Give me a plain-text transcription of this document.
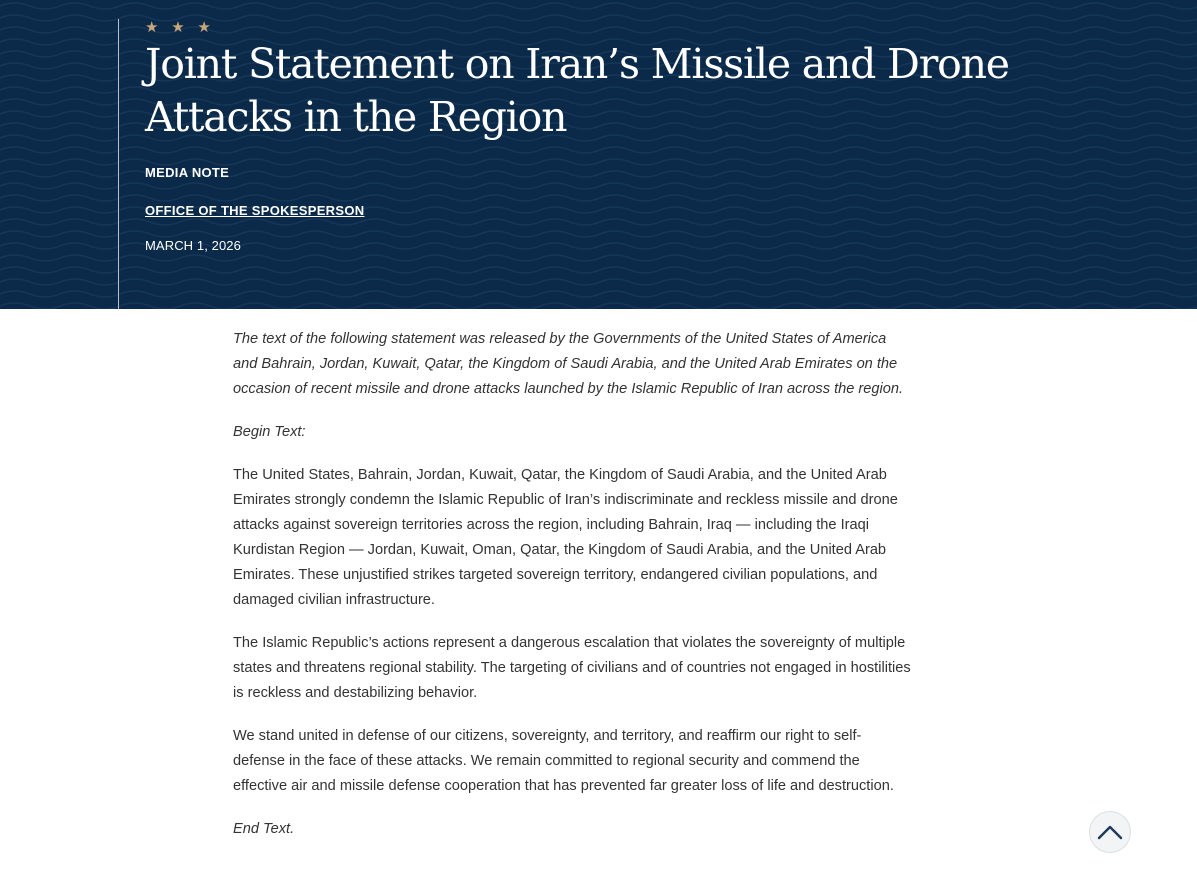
★ ★ ★
Joint Statement on Iran’s Missile and Drone Attacks in the Region
MEDIA NOTE
OFFICE OF THE SPOKESPERSON
MARCH 1, 2026

The text of the following statement was released by the Governments of the United States of America and Bahrain, Jordan, Kuwait, Qatar, the Kingdom of Saudi Arabia, and the United Arab Emirates on the occasion of recent missile and drone attacks launched by the Islamic Republic of Iran across the region.

Begin Text:

The United States, Bahrain, Jordan, Kuwait, Qatar, the Kingdom of Saudi Arabia, and the United Arab Emirates strongly condemn the Islamic Republic of Iran’s indiscriminate and reckless missile and drone attacks against sovereign territories across the region, including Bahrain, Iraq — including the Iraqi Kurdistan Region — Jordan, Kuwait, Oman, Qatar, the Kingdom of Saudi Arabia, and the United Arab Emirates. These unjustified strikes targeted sovereign territory, endangered civilian populations, and damaged civilian infrastructure.

The Islamic Republic’s actions represent a dangerous escalation that violates the sovereignty of multiple states and threatens regional stability. The targeting of civilians and of countries not engaged in hostilities is reckless and destabilizing behavior.

We stand united in defense of our citizens, sovereignty, and territory, and reaffirm our right to self-defense in the face of these attacks. We remain committed to regional security and commend the effective air and missile defense cooperation that has prevented far greater loss of life and destruction.

End Text.
